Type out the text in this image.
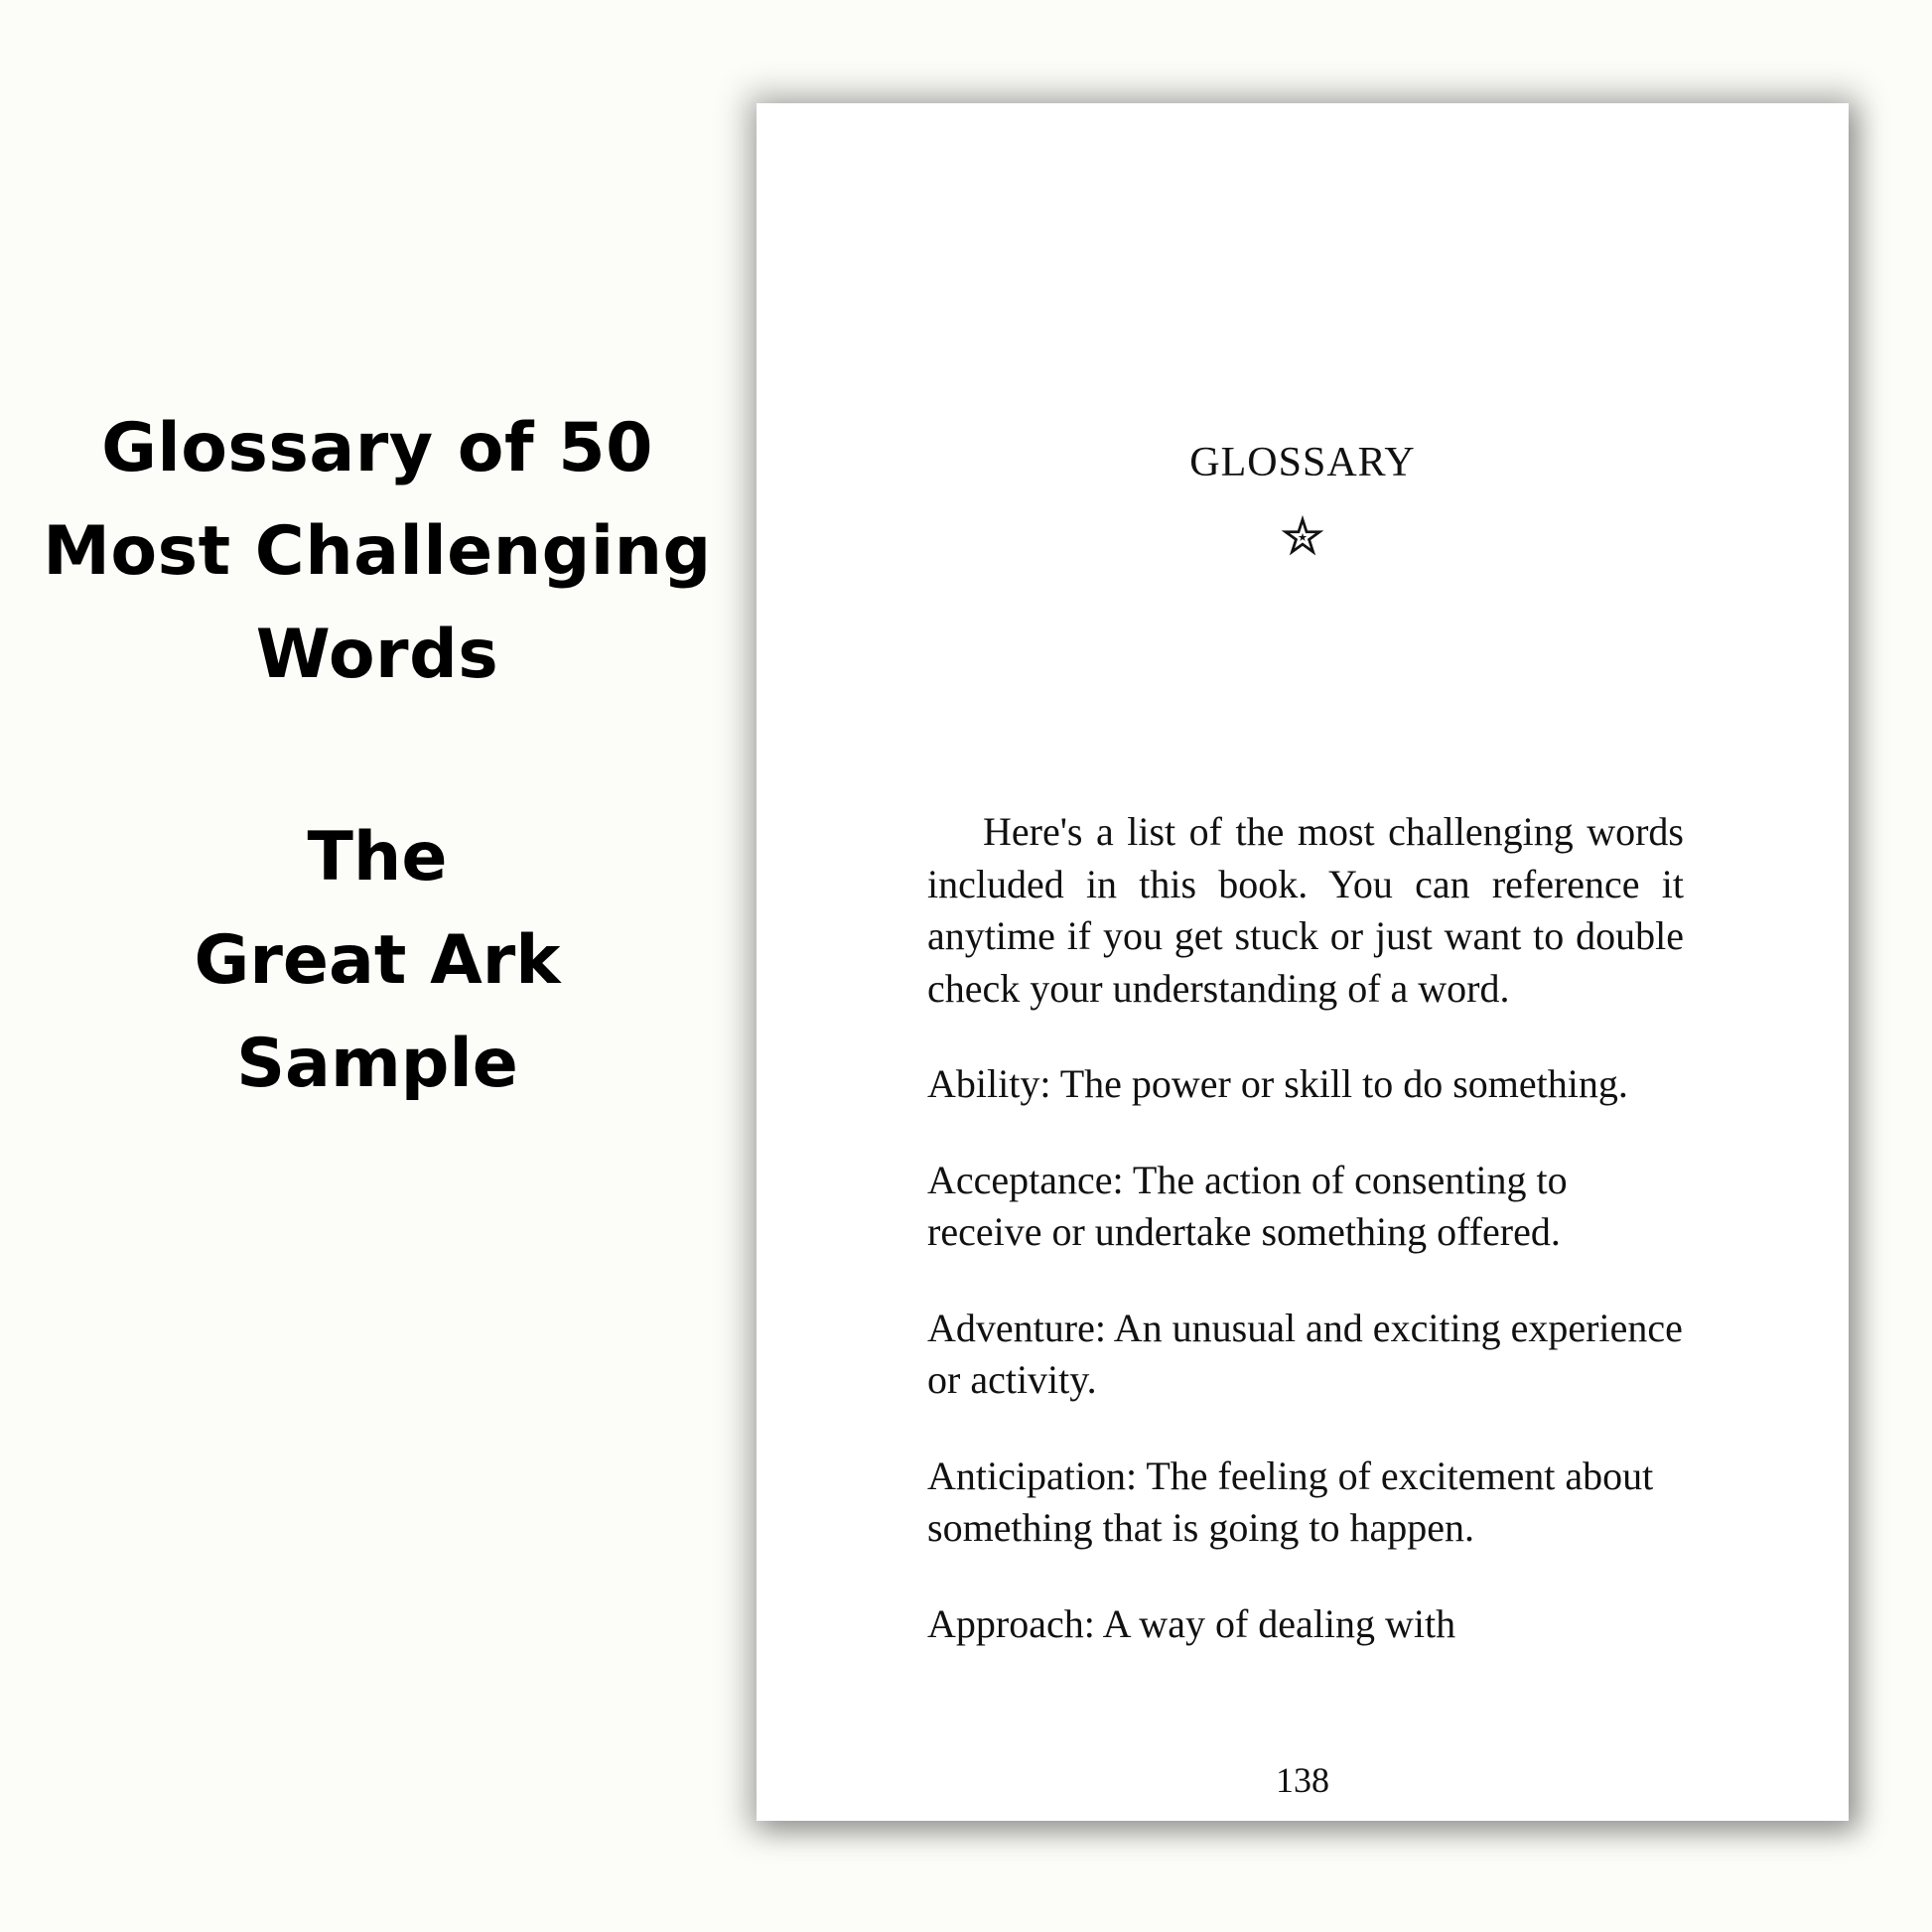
Glossary of 50
Most Challenging
Words
The
Great Ark
Sample
GLOSSARY
✮

Here's a list of the most challenging words included in this book. You can reference it anytime if you get stuck or just want to double check your understanding of a word.

Ability: The power or skill to do something.

Acceptance: The action of consenting to receive or undertake something offered.

Adventure: An unusual and exciting experience or activity.

Anticipation: The feeling of excitement about something that is going to happen.

Approach: A way of dealing with

138
